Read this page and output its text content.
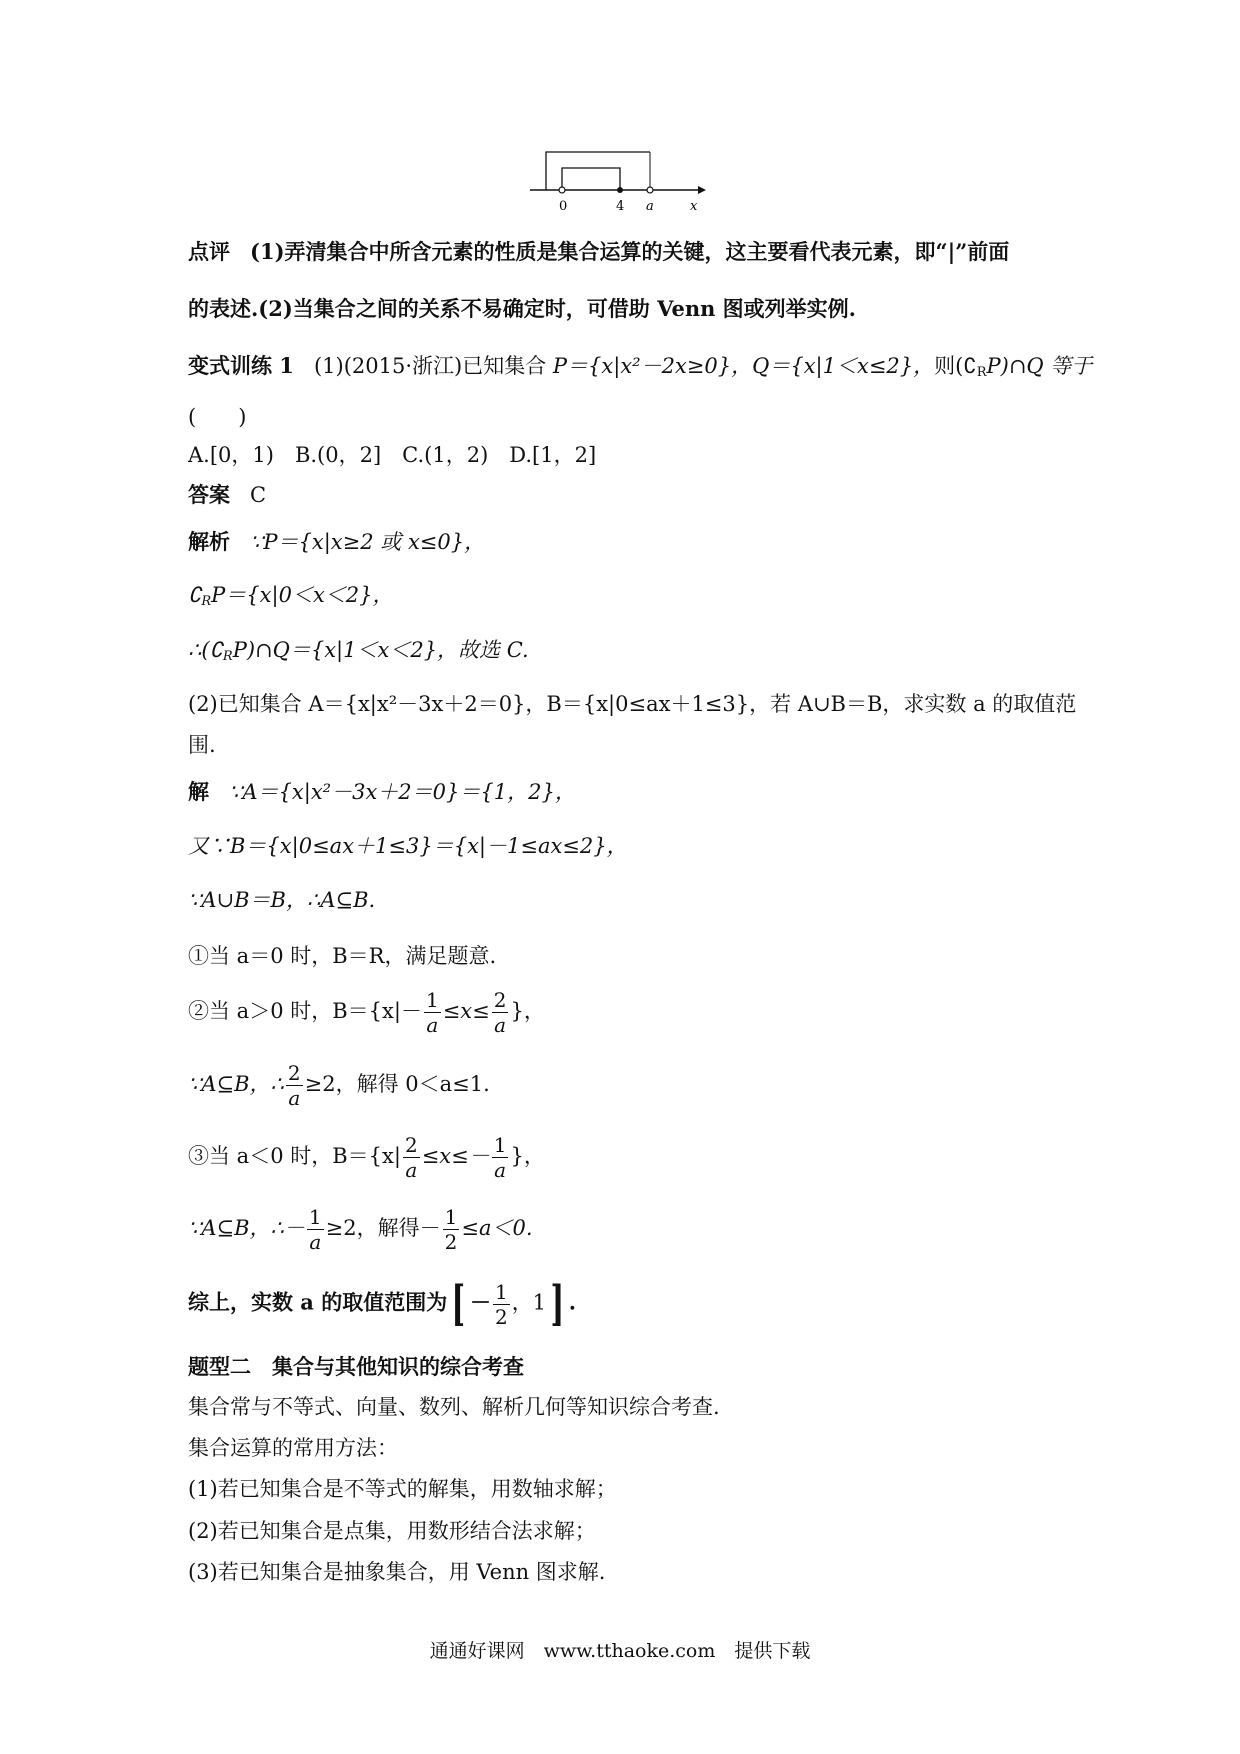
0	4 a	x
点评 (1)弄清集合中所含元素的性质是集合运算的关键，这主要看代表元素，即“|”前面
的表述.(2)当集合之间的关系不易确定时，可借助 Venn 图或列举实例.
变式训练 1 (1)(2015·浙江)已知集合 P＝{x|x²－2x≥0}，Q＝{x|1＜x≤2}，则$(∁_RP)\cap Q$ 等于
(　　)
A.[0，1)　B.(0，2]　C.(1，2)　D.[1，2]
答案 C
解析 ∵P＝{x|x≥2 或 x≤0}，
$∁_RP=\{x|0<x<2\}$，
$\therefore(∁_RP)\cap Q=\{x|1<x<2\}$，故选 C.
(2)已知集合 A＝{x|x²－3x＋2＝0}，B＝{x|0≤ax＋1≤3}，若 A∪B＝B，求实数 a 的取值范
围.
解 ∵A＝{x|x²－3x＋2＝0}＝{1，2}，
又∵B＝{x|0≤ax＋1≤3}＝{x|－1≤ax≤2}，
∵A∪B＝B，∴A⊆B.
①当 a＝0 时，B＝R，满足题意.
②当 a＞0 时，$B=\{x|- \frac{1}{a} \le x\le \frac{2}{a}$ }，
∵A⊆B，∴ $\frac{2}{a} \ge 2$，解得 0＜a≤1.
③当 a＜0 时，$B=\{x| \frac{2}{a} \le x\le- \frac{1}{a}$ }，
∵A⊆B，∴－ $\frac{1}{a} \ge 2$，解得－ $\frac{1}{2} \le a<0$.
综上，实数 a 的取值范围为[ － $\frac{1}{2}$ ，1] .
题型二　集合与其他知识的综合考查
集合常与不等式、向量、数列、解析几何等知识综合考查.
集合运算的常用方法：
(1)若已知集合是不等式的解集，用数轴求解；
(2)若已知集合是点集，用数形结合法求解；
(3)若已知集合是抽象集合，用 Venn 图求解.
通通好课网　www.tthaoke.com　提供下载
